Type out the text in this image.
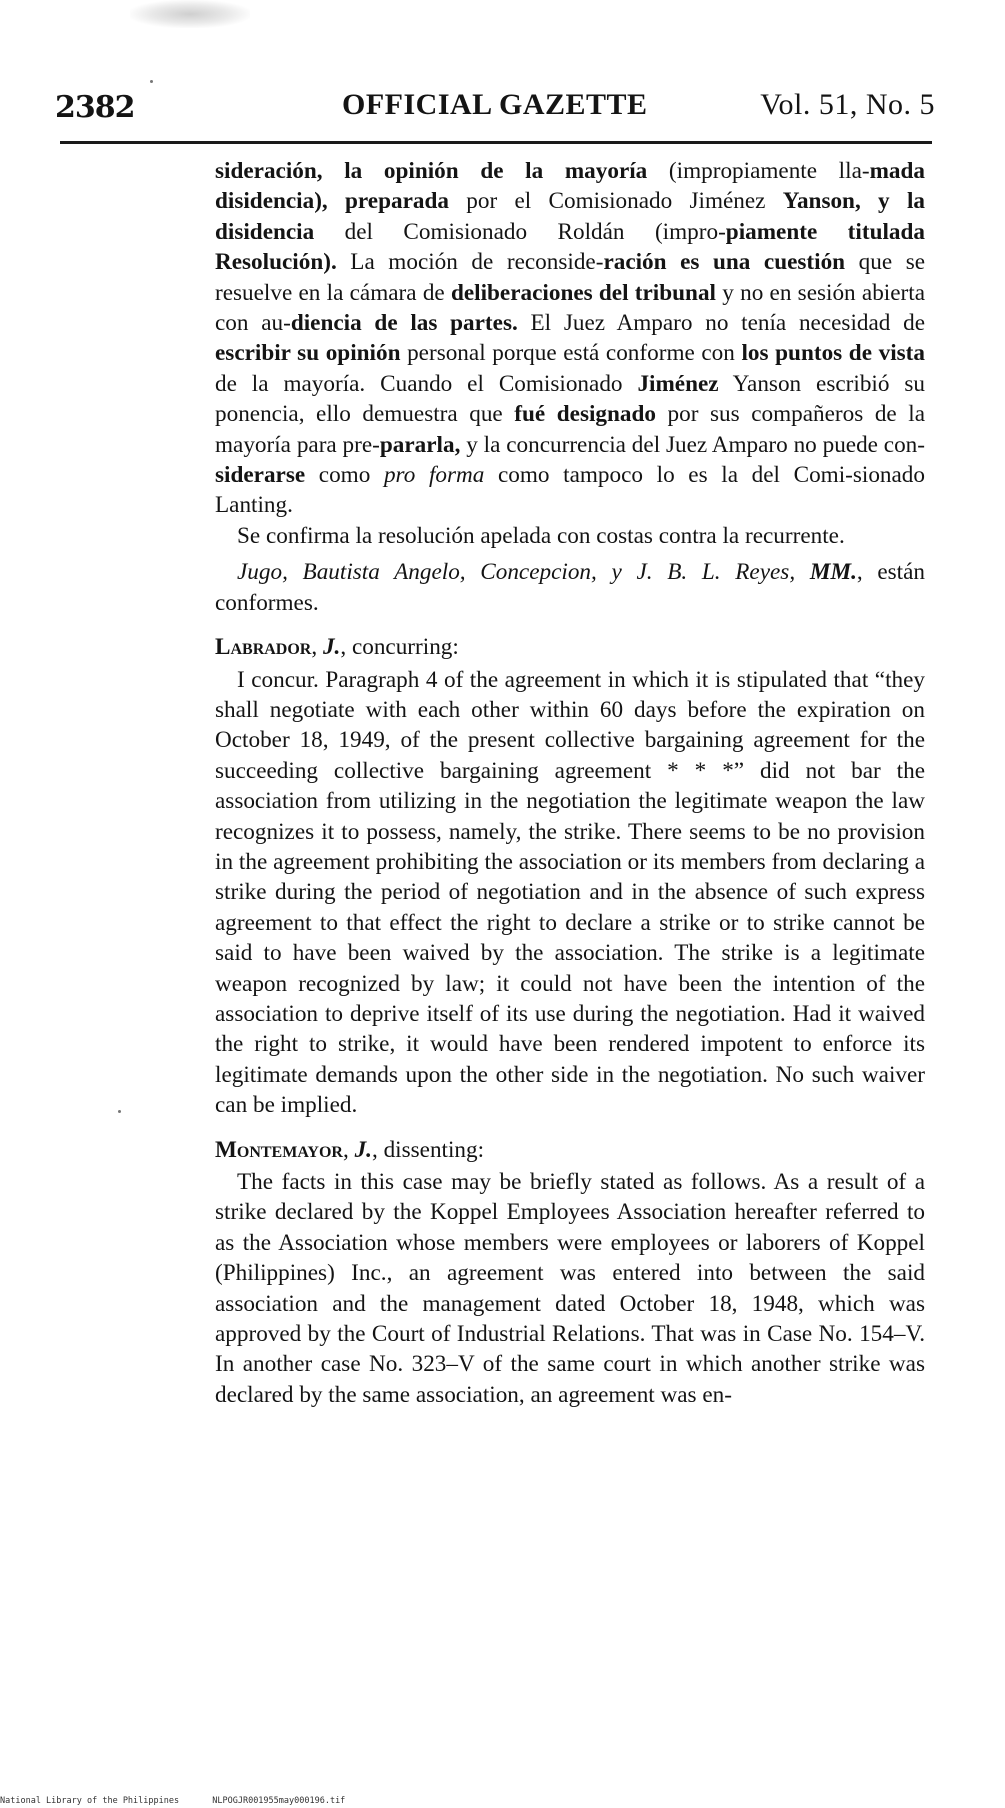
2382	OFFICIAL GAZETTE	Vol. 51, No. 5

sideración, la opinión de la mayoría (impropiamente lla-mada disidencia), preparada por el Comisionado Jiménez Yanson, y la disidencia del Comisionado Roldán (impro-piamente titulada Resolución). La moción de reconside-ración es una cuestión que se resuelve en la cámara de deliberaciones del tribunal y no en sesión abierta con au-diencia de las partes. El Juez Amparo no tenía necesidad de escribir su opinión personal porque está conforme con los puntos de vista de la mayoría. Cuando el Comisionado Jiménez Yanson escribió su ponencia, ello demuestra que fué designado por sus compañeros de la mayoría para pre-pararla, y la concurrencia del Juez Amparo no puede con-siderarse como pro forma como tampoco lo es la del Comi-sionado Lanting.

Se confirma la resolución apelada con costas contra la recurrente.

Jugo, Bautista Angelo, Concepcion, y J. B. L. Reyes, MM., están conformes.

Labrador, J., concurring:

I concur. Paragraph 4 of the agreement in which it is stipulated that “they shall negotiate with each other within 60 days before the expiration on October 18, 1949, of the present collective bargaining agreement for the succeeding collective bargaining agreement * * *” did not bar the association from utilizing in the negotiation the legitimate weapon the law recognizes it to possess, namely, the strike. There seems to be no provision in the agreement prohibiting the association or its members from declaring a strike during the period of negotiation and in the absence of such express agreement to that effect the right to declare a strike or to strike cannot be said to have been waived by the association. The strike is a legitimate weapon recognized by law; it could not have been the intention of the association to deprive itself of its use during the negotiation. Had it waived the right to strike, it would have been rendered impotent to enforce its legitimate demands upon the other side in the negotiation. No such waiver can be implied.

Montemayor, J., dissenting:

The facts in this case may be briefly stated as follows. As a result of a strike declared by the Koppel Employees Association hereafter referred to as the Association whose members were employees or laborers of Koppel (Philippines) Inc., an agreement was entered into between the said association and the management dated October 18, 1948, which was approved by the Court of Industrial Relations. That was in Case No. 154–V. In another case No. 323–V of the same court in which another strike was declared by the same association, an agreement was en-

National Library of the Philippines	NLPOGJR001955may000196.tif
